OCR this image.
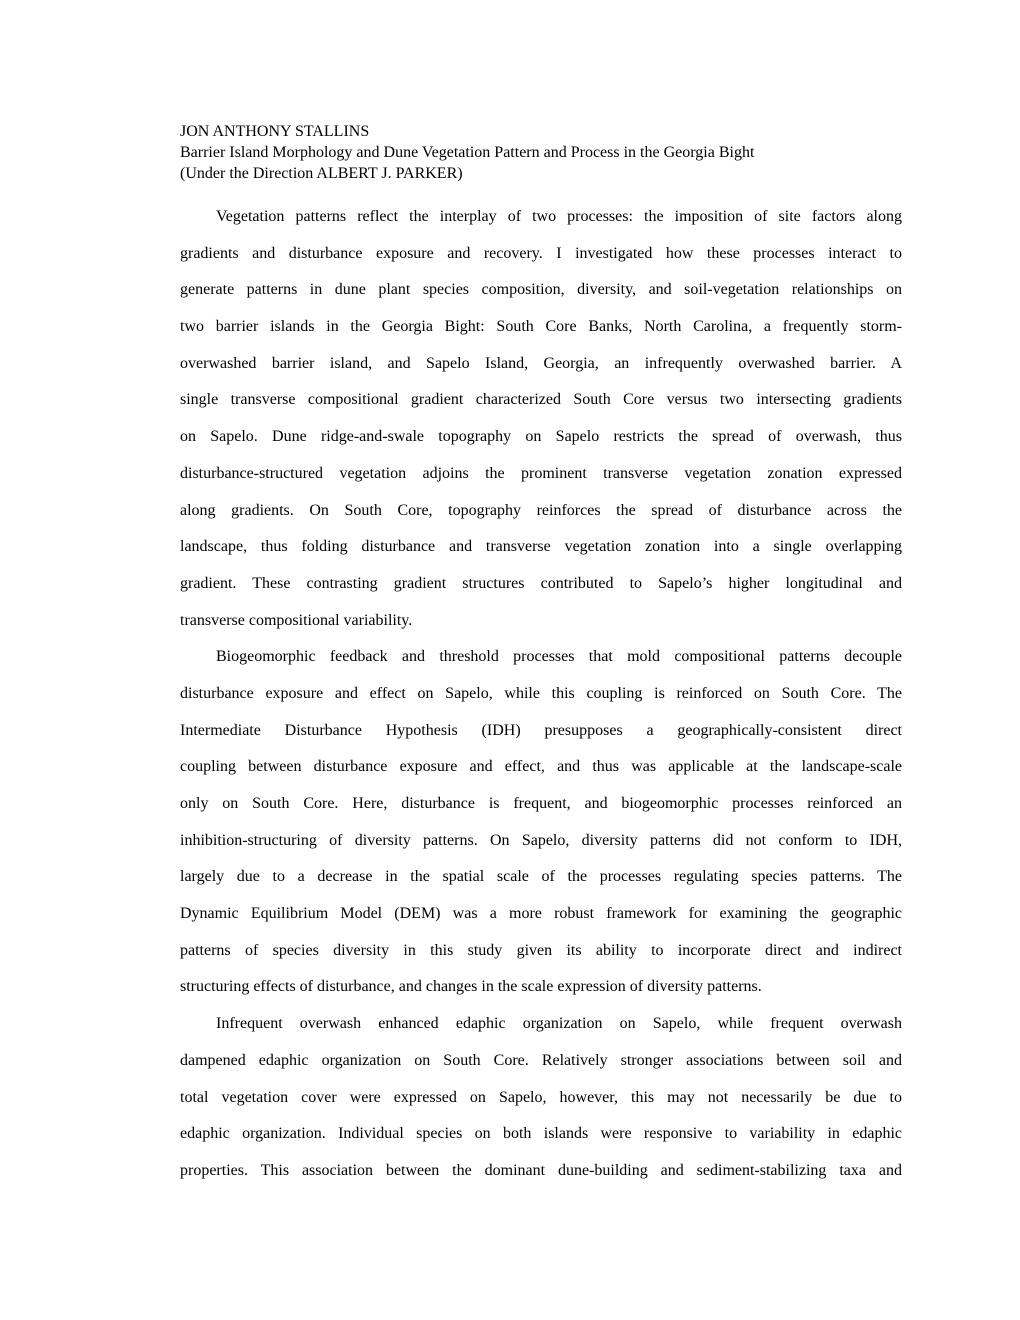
JON ANTHONY STALLINS
Barrier Island Morphology and Dune Vegetation Pattern and Process in the Georgia Bight
(Under the Direction ALBERT J. PARKER)
Vegetation patterns reflect the interplay of two processes: the imposition of site factors along
gradients and disturbance exposure and recovery. I investigated how these processes interact to
generate patterns in dune plant species composition, diversity, and soil-vegetation relationships on
two barrier islands in the Georgia Bight: South Core Banks, North Carolina, a frequently storm-
overwashed barrier island, and Sapelo Island, Georgia, an infrequently overwashed barrier. A
single transverse compositional gradient characterized South Core versus two intersecting gradients
on Sapelo. Dune ridge-and-swale topography on Sapelo restricts the spread of overwash, thus
disturbance-structured vegetation adjoins the prominent transverse vegetation zonation expressed
along gradients. On South Core, topography reinforces the spread of disturbance across the
landscape, thus folding disturbance and transverse vegetation zonation into a single overlapping
gradient. These contrasting gradient structures contributed to Sapelo’s higher longitudinal and
transverse compositional variability.
Biogeomorphic feedback and threshold processes that mold compositional patterns decouple
disturbance exposure and effect on Sapelo, while this coupling is reinforced on South Core. The
Intermediate Disturbance Hypothesis (IDH) presupposes a geographically-consistent direct
coupling between disturbance exposure and effect, and thus was applicable at the landscape-scale
only on South Core. Here, disturbance is frequent, and biogeomorphic processes reinforced an
inhibition-structuring of diversity patterns. On Sapelo, diversity patterns did not conform to IDH,
largely due to a decrease in the spatial scale of the processes regulating species patterns. The
Dynamic Equilibrium Model (DEM) was a more robust framework for examining the geographic
patterns of species diversity in this study given its ability to incorporate direct and indirect
structuring effects of disturbance, and changes in the scale expression of diversity patterns.
Infrequent overwash enhanced edaphic organization on Sapelo, while frequent overwash
dampened edaphic organization on South Core. Relatively stronger associations between soil and
total vegetation cover were expressed on Sapelo, however, this may not necessarily be due to
edaphic organization. Individual species on both islands were responsive to variability in edaphic
properties. This association between the dominant dune-building and sediment-stabilizing taxa and
